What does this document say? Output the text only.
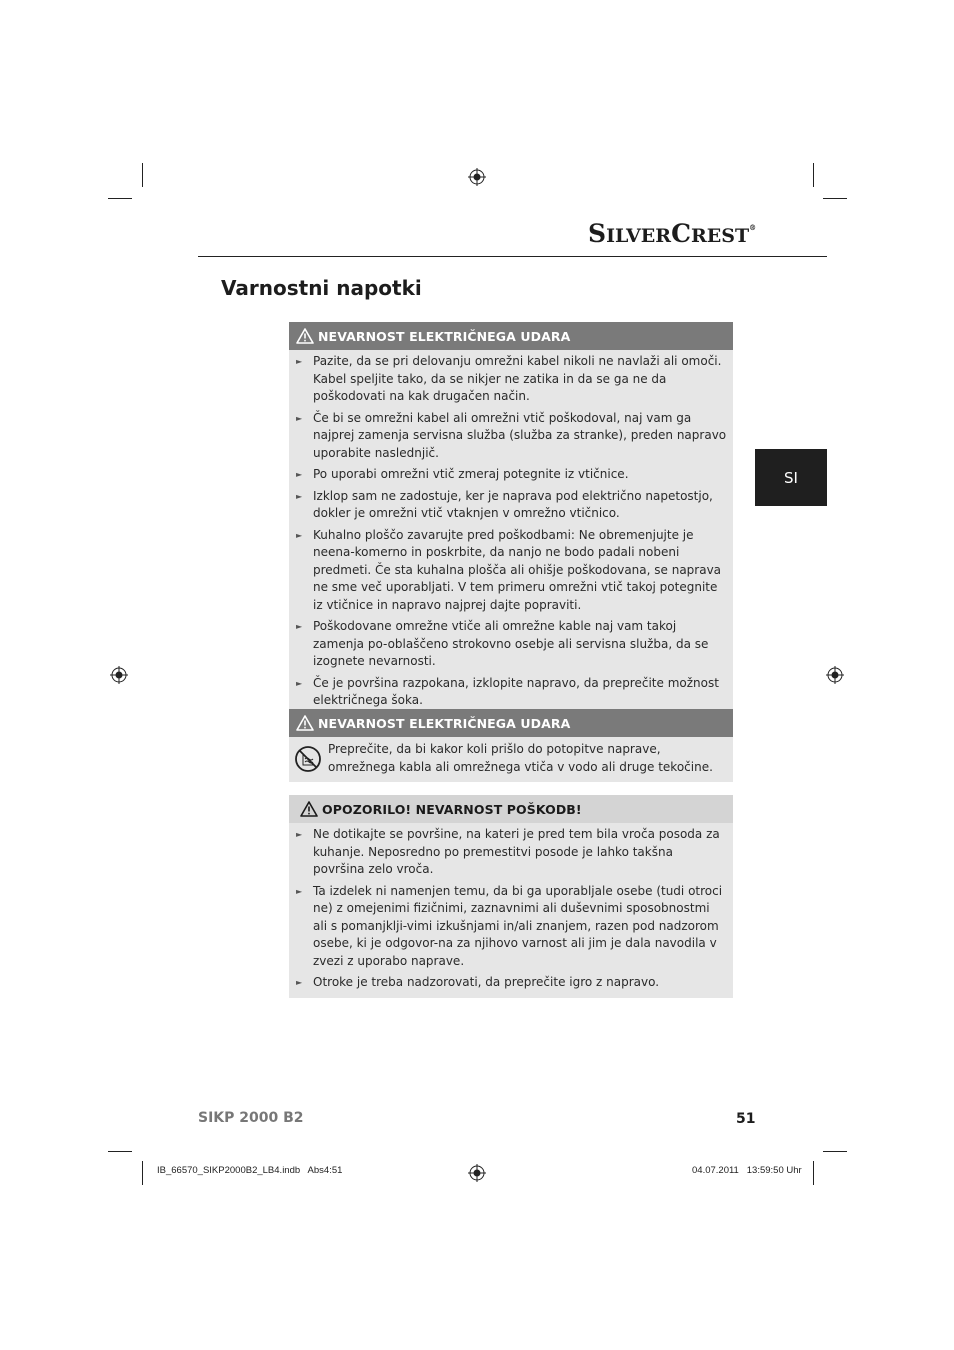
SILVERCREST®
Varnostni napotki
SI
NEVARNOST ELEKTRIČNEGA UDARA
► Pazite, da se pri delovanju omrežni kabel nikoli ne navlaži ali omoči. Kabel speljite tako, da se nikjer ne zatika in da se ga ne da poškodovati na kak drugačen način.
► Če bi se omrežni kabel ali omrežni vtič poškodoval, naj vam ga najprej zamenja servisna služba (služba za stranke), preden napravo uporabite naslednjič.
► Po uporabi omrežni vtič zmeraj potegnite iz vtičnice.
► Izklop sam ne zadostuje, ker je naprava pod električno napetostjo, dokler je omrežni vtič vtaknjen v omrežno vtičnico.
► Kuhalno ploščo zavarujte pred poškodbami: Ne obremenjujte je neena-komerno in poskrbite, da nanjo ne bodo padali nobeni predmeti. Če sta kuhalna plošča ali ohišje poškodovana, se naprava ne sme več uporabljati. V tem primeru omrežni vtič takoj potegnite iz vtičnice in napravo najprej dajte popraviti.
► Poškodovane omrežne vtiče ali omrežne kable naj vam takoj zamenja po-oblaščeno strokovno osebje ali servisna služba, da se izognete nevarnosti.
► Če je površina razpokana, izklopite napravo, da preprečite možnost električnega šoka.
NEVARNOST ELEKTRIČNEGA UDARA
Preprečite, da bi kakor koli prišlo do potopitve naprave, omrežnega kabla ali omrežnega vtiča v vodo ali druge tekočine.
OPOZORILO! NEVARNOST POŠKODB!
► Ne dotikajte se površine, na kateri je pred tem bila vroča posoda za kuhanje. Neposredno po premestitvi posode je lahko takšna površina zelo vroča.
► Ta izdelek ni namenjen temu, da bi ga uporabljale osebe (tudi otroci ne) z omejenimi fizičnimi, zaznavnimi ali duševnimi sposobnostmi ali s pomanjklji-vimi izkušnjami in/ali znanjem, razen pod nadzorom osebe, ki je odgovor-na za njihovo varnost ali jim je dala navodila v zvezi z uporabo naprave.
► Otroke je treba nadzorovati, da preprečite igro z napravo.
SIKP 2000 B2	51
IB_66570_SIKP2000B2_LB4.indb   Abs4:51	04.07.2011   13:59:50 Uhr
